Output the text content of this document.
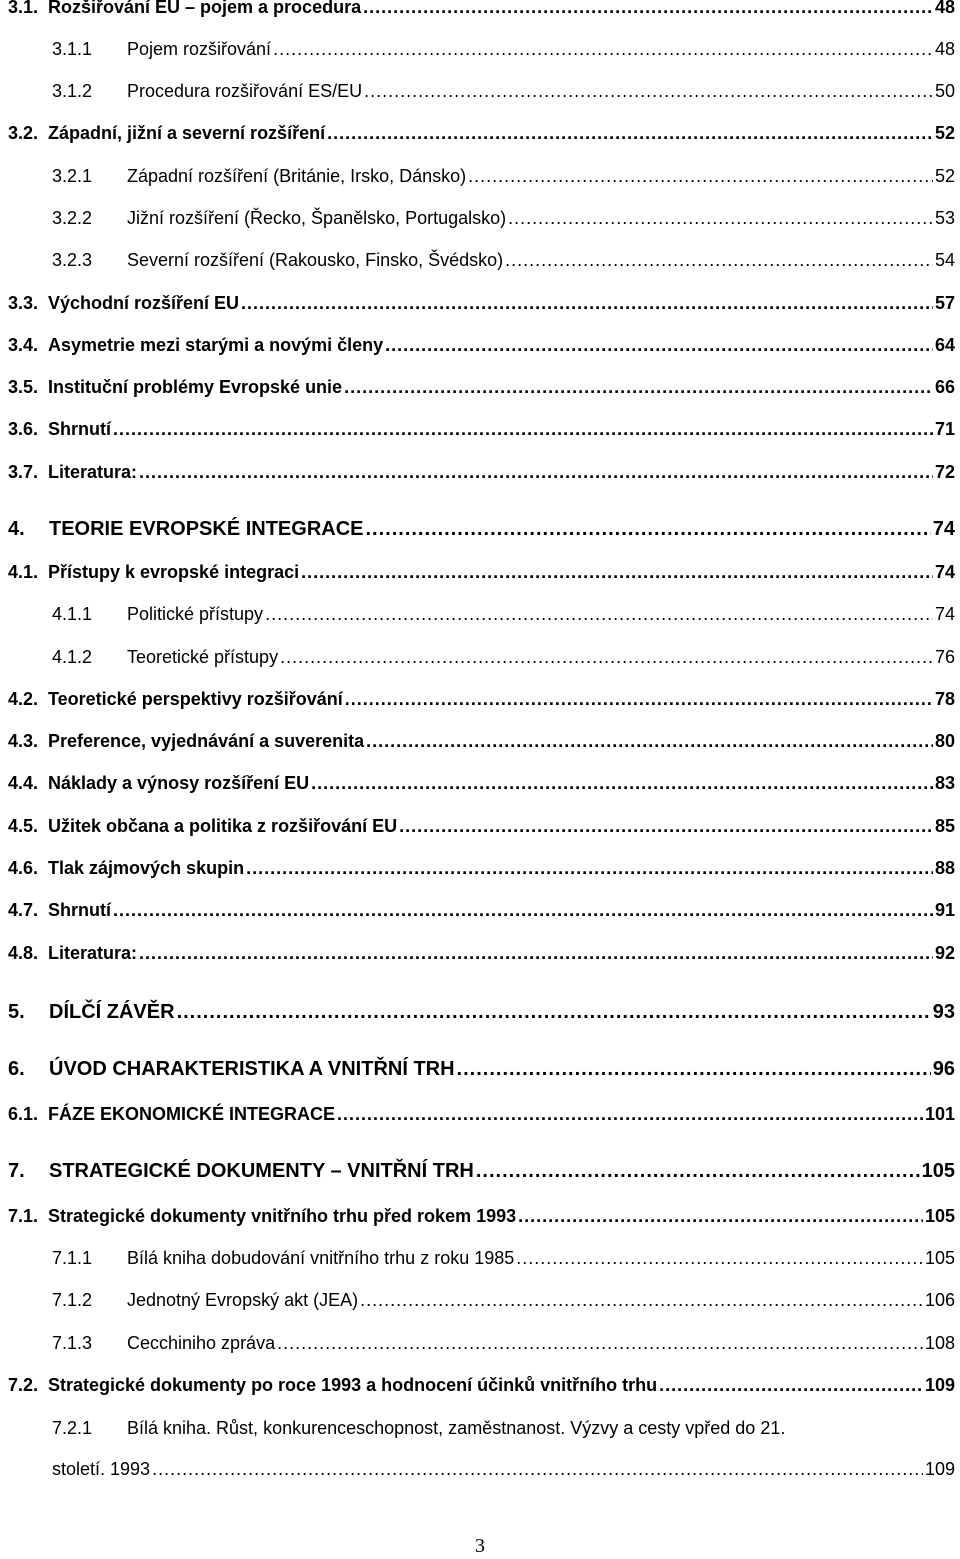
3.1. Rozšiřování EU – pojem a procedura .....	48
3.1.1	Pojem rozšiřování .....	48
3.1.2	Procedura rozšiřování ES/EU .....	50
3.2. Západní, jižní a severní rozšíření .....	52
3.2.1	Západní rozšíření (Británie, Irsko, Dánsko) .....	52
3.2.2	Jižní rozšíření (Řecko, Španělsko, Portugalsko) .....	53
3.2.3	Severní rozšíření (Rakousko, Finsko, Švédsko) .....	54
3.3. Východní rozšíření EU .....	57
3.4. Asymetrie mezi starými a novými členy .....	64
3.5. Instituční problémy Evropské unie .....	66
3.6. Shrnutí .....	71
3.7. Literatura: .....	72
4.	TEORIE EVROPSKÉ INTEGRACE .....	74
4.1. Přístupy k evropské integraci .....	74
4.1.1	Politické přístupy .....	74
4.1.2	Teoretické přístupy .....	76
4.2. Teoretické perspektivy rozšiřování .....	78
4.3. Preference, vyjednávání a suverenita .....	80
4.4. Náklady a výnosy rozšíření EU .....	83
4.5. Užitek občana a politika z rozšiřování EU .....	85
4.6. Tlak zájmových skupin .....	88
4.7. Shrnutí .....	91
4.8. Literatura: .....	92
5.	DÍLČÍ ZÁVĚR .....	93
6.	ÚVOD CHARAKTERISTIKA A VNITŘNÍ TRH .....	96
6.1. FÁZE EKONOMICKÉ INTEGRACE .....	101
7.	STRATEGICKÉ DOKUMENTY – VNITŘNÍ TRH .....	105
7.1. Strategické dokumenty vnitřního trhu před rokem 1993 .....	105
7.1.1	Bílá kniha dobudování vnitřního trhu z roku 1985 .....	105
7.1.2	Jednotný Evropský akt (JEA) .....	106
7.1.3	Cecchiniho zpráva .....	108
7.2. Strategické dokumenty po roce 1993 a hodnocení účinků vnitřního trhu .....	109
7.2.1	Bílá kniha. Růst, konkurenceschopnost, zaměstnanost. Výzvy a cesty vpřed do 21.
století. 1993 .....	109
3
